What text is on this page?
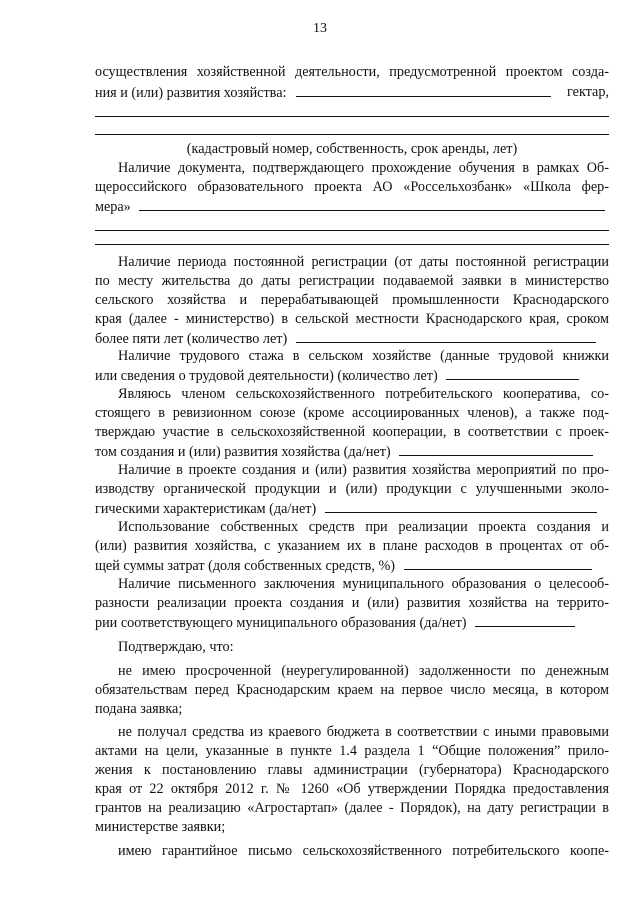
13
осуществления хозяйственной деятельности, предусмотренной проектом созда-
ния и (или) развития хозяйства:	гектар,
(кадастровый номер, собственность, срок аренды, лет)
Наличие документа, подтверждающего прохождение обучения в рамках Об-
щероссийского образовательного проекта АО «Россельхозбанк» «Школа фер-
мера»
Наличие периода постоянной регистрации (от даты постоянной регистрации
по месту жительства до даты регистрации подаваемой заявки в министерство
сельского хозяйства и перерабатывающей промышленности Краснодарского
края (далее - министерство) в сельской местности Краснодарского края, сроком
более пяти лет (количество лет)
Наличие трудового стажа в сельском хозяйстве (данные трудовой книжки
или сведения о трудовой деятельности) (количество лет)
Являюсь членом сельскохозяйственного потребительского кооператива, со-
стоящего в ревизионном союзе (кроме ассоциированных членов), а также под-
тверждаю участие в сельскохозяйственной кооперации, в соответствии с проек-
том создания и (или) развития хозяйства (да/нет)
Наличие в проекте создания и (или) развития хозяйства мероприятий по про-
изводству органической продукции и (или) продукции с улучшенными эколо-
гическими характеристикам (да/нет)
Использование собственных средств при реализации проекта создания и
(или) развития хозяйства, с указанием их в плане расходов в процентах от об-
щей суммы затрат (доля собственных средств, %)
Наличие письменного заключения муниципального образования о целесооб-
разности реализации проекта создания и (или) развития хозяйства на террито-
рии соответствующего муниципального образования (да/нет)
Подтверждаю, что:
не имею просроченной (неурегулированной) задолженности по денежным
обязательствам перед Краснодарским краем на первое число месяца, в котором
подана заявка;
не получал средства из краевого бюджета в соответствии с иными правовыми
актами на цели, указанные в пункте 1.4 раздела 1 “Общие положения” прило-
жения к постановлению главы администрации (губернатора) Краснодарского
края от 22 октября 2012 г. № 1260 «Об утверждении Порядка предоставления
грантов на реализацию «Агростартап» (далее - Порядок), на дату регистрации в
министерстве заявки;
имею гарантийное письмо сельскохозяйственного потребительского коопе-
